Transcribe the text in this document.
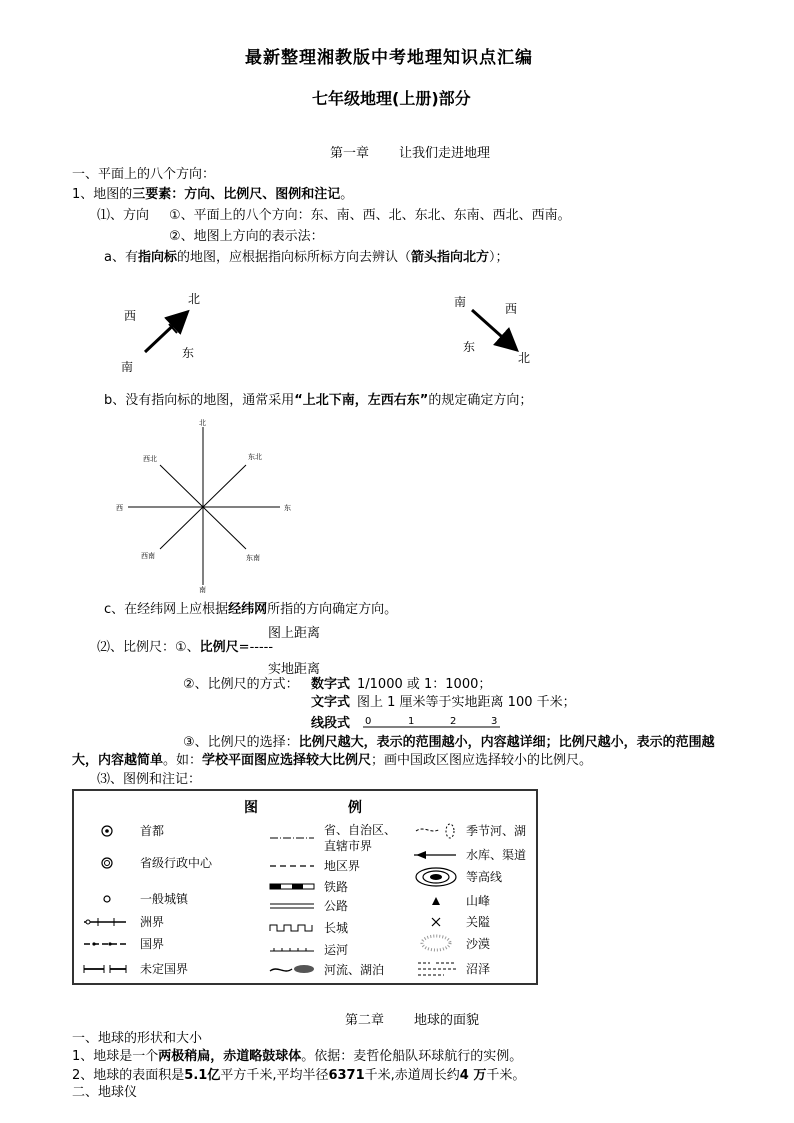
最新整理湘教版中考地理知识点汇编
七年级地理(上册)部分
第一章 让我们走进地理
一、平面上的八个方向：
1、地图的三要素：方向、比例尺、图例和注记。
⑴、方向 ①、平面上的八个方向：东、南、西、北、东北、东南、西北、西南。
②、地图上方向的表示法：
a、有指向标的地图，应根据指向标所标方向去辨认（箭头指向北方）；
北
西
东
南
南	西
东
北
b、没有指向标的地图，通常采用“上北下南，左西右东”的规定确定方向；
北
南
东
西
东北
西北
东南
西南
c、在经纬网上应根据经纬网所指的方向确定方向。
图上距离
⑵、比例尺：①、比例尺=-----
实地距离
②、比例尺的方式： 数字式 1/1000 或 1：1000；
文字式 图上 1 厘米等于实地距离 100 千米；
线段式 0	1	2	3
③、比例尺的选择：比例尺越大，表示的范围越小，内容越详细；比例尺越小，表示的范围越
大，内容越简单。如：学校平面图应选择较大比例尺；画中国政区图应选择较小的比例尺。
⑶、图例和注记：
图	例
首都
省级行政中心
一般城镇
洲界
国界
未定国界
省、自治区、
直辖市界
地区界
铁路
公路
长城
运河
河流、湖泊
季节河、湖
水库、渠道
等高线
山峰
关隘
沙漠
沼泽
第二章 地球的面貌
一、地球的形状和大小
1、地球是一个两极稍扁，赤道略鼓球体。依据：麦哲伦船队环球航行的实例。
2、地球的表面积是5.1亿平方千米,平均半径6371千米,赤道周长约4 万千米。
二、地球仪
